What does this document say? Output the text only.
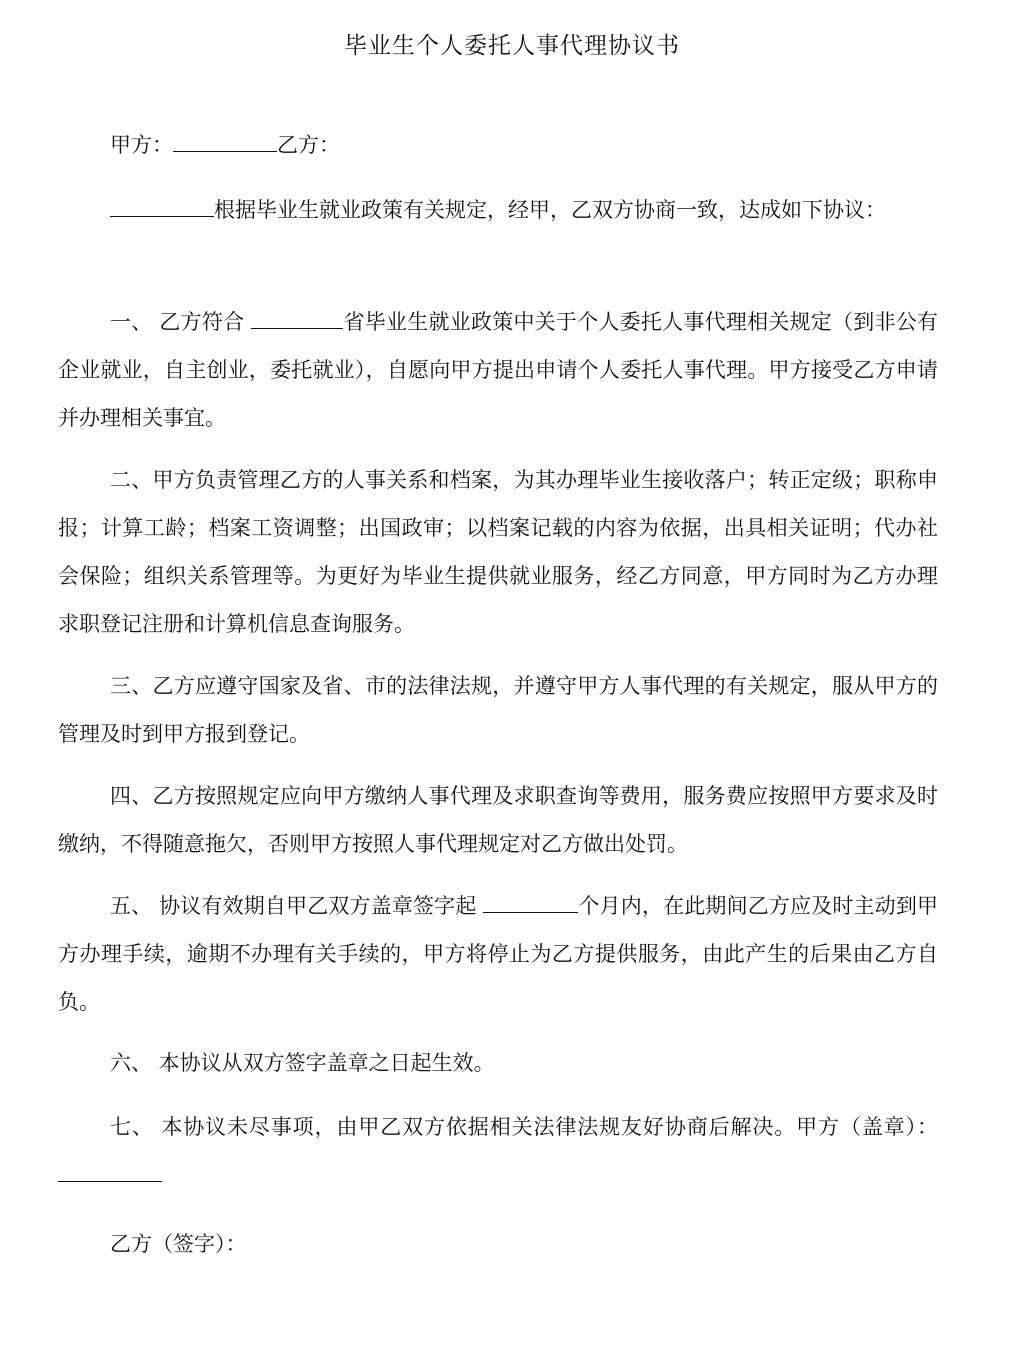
毕业生个人委托人事代理协议书

甲方：	乙方：

根据毕业生就业政策有关规定，经甲，乙双方协商一致，达成如下协议：

一、 乙方符合	省毕业生就业政策中关于个人委托人事代理相关规定（到非公有企业就业，自主创业，委托就业），自愿向甲方提出申请个人委托人事代理。甲方接受乙方申请并办理相关事宜。

二、甲方负责管理乙方的人事关系和档案，为其办理毕业生接收落户；转正定级；职称申报；计算工龄；档案工资调整；出国政审；以档案记载的内容为依据，出具相关证明；代办社会保险；组织关系管理等。为更好为毕业生提供就业服务，经乙方同意，甲方同时为乙方办理求职登记注册和计算机信息查询服务。

三、乙方应遵守国家及省、市的法律法规，并遵守甲方人事代理的有关规定，服从甲方的管理及时到甲方报到登记。

四、乙方按照规定应向甲方缴纳人事代理及求职查询等费用，服务费应按照甲方要求及时缴纳，不得随意拖欠，否则甲方按照人事代理规定对乙方做出处罚。

五、 协议有效期自甲乙双方盖章签字起	个月内，在此期间乙方应及时主动到甲方办理手续，逾期不办理有关手续的，甲方将停止为乙方提供服务，由此产生的后果由乙方自负。

六、 本协议从双方签字盖章之日起生效。

七、 本协议未尽事项，由甲乙双方依据相关法律法规友好协商后解决。甲方（盖章）：

乙方（签字）：
